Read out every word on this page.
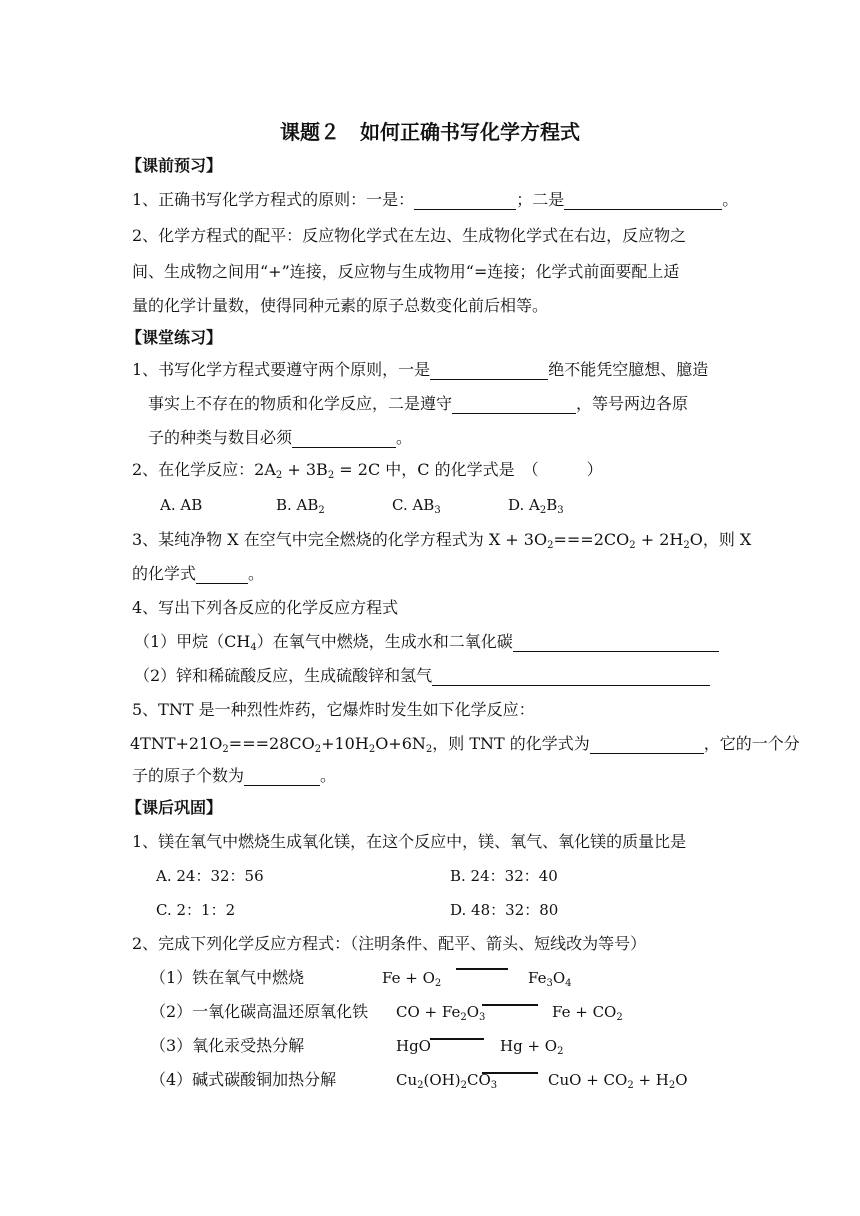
课题２　如何正确书写化学方程式
【课前预习】
1、正确书写化学方程式的原则：一是：	；二是	。
2、化学方程式的配平：反应物化学式在左边、生成物化学式在右边，反应物之
间、生成物之间用“+”连接，反应物与生成物用“=连接；化学式前面要配上适
量的化学计量数，使得同种元素的原子总数变化前后相等。
【课堂练习】
1、书写化学方程式要遵守两个原则，一是	绝不能凭空臆想、臆造
事实上不存在的物质和化学反应，二是遵守	，等号两边各原
子的种类与数目必须	。
2、在化学反应：$2A_2 + 3B_2 = 2C$ 中，C 的化学式是　（　　　）
A. AB	B. $AB_2$	C. $AB_3$	D. $A_2B_3$
3、某纯净物 X 在空气中完全燃烧的化学方程式为 $X + 3O_2===2CO_2 + 2H_2O$，则 X
的化学式	。
4、写出下列各反应的化学反应方程式
（1）甲烷$(CH_4)$在氧气中燃烧，生成水和二氧化碳
（2）锌和稀硫酸反应，生成硫酸锌和氢气
5、TNT 是一种烈性炸药，它爆炸时发生如下化学反应：
$4TNT+21O_2===28CO_2+10H_2O+6N_2$，则 TNT 的化学式为	，它的一个分
子的原子个数为	。
【课后巩固】
1、镁在氧气中燃烧生成氧化镁，在这个反应中，镁、氧气、氧化镁的质量比是
A. 24：32：56	B. 24：32：40
C. 2：1：2	D. 48：32：80
2、完成下列化学反应方程式：（注明条件、配平、箭头、短线改为等号）
（1）铁在氧气中燃烧	$Fe + O_2$	$Fe_3O_4$
（2）一氧化碳高温还原氧化铁 CO + $Fe_2O_3$	$Fe + CO_2$
（3）氧化汞受热分解	HgO	$Hg + O_2$
（4）碱式碳酸铜加热分解	$Cu_2(OH)_2CO_3$	CuO + $CO_2 + H_2O$
